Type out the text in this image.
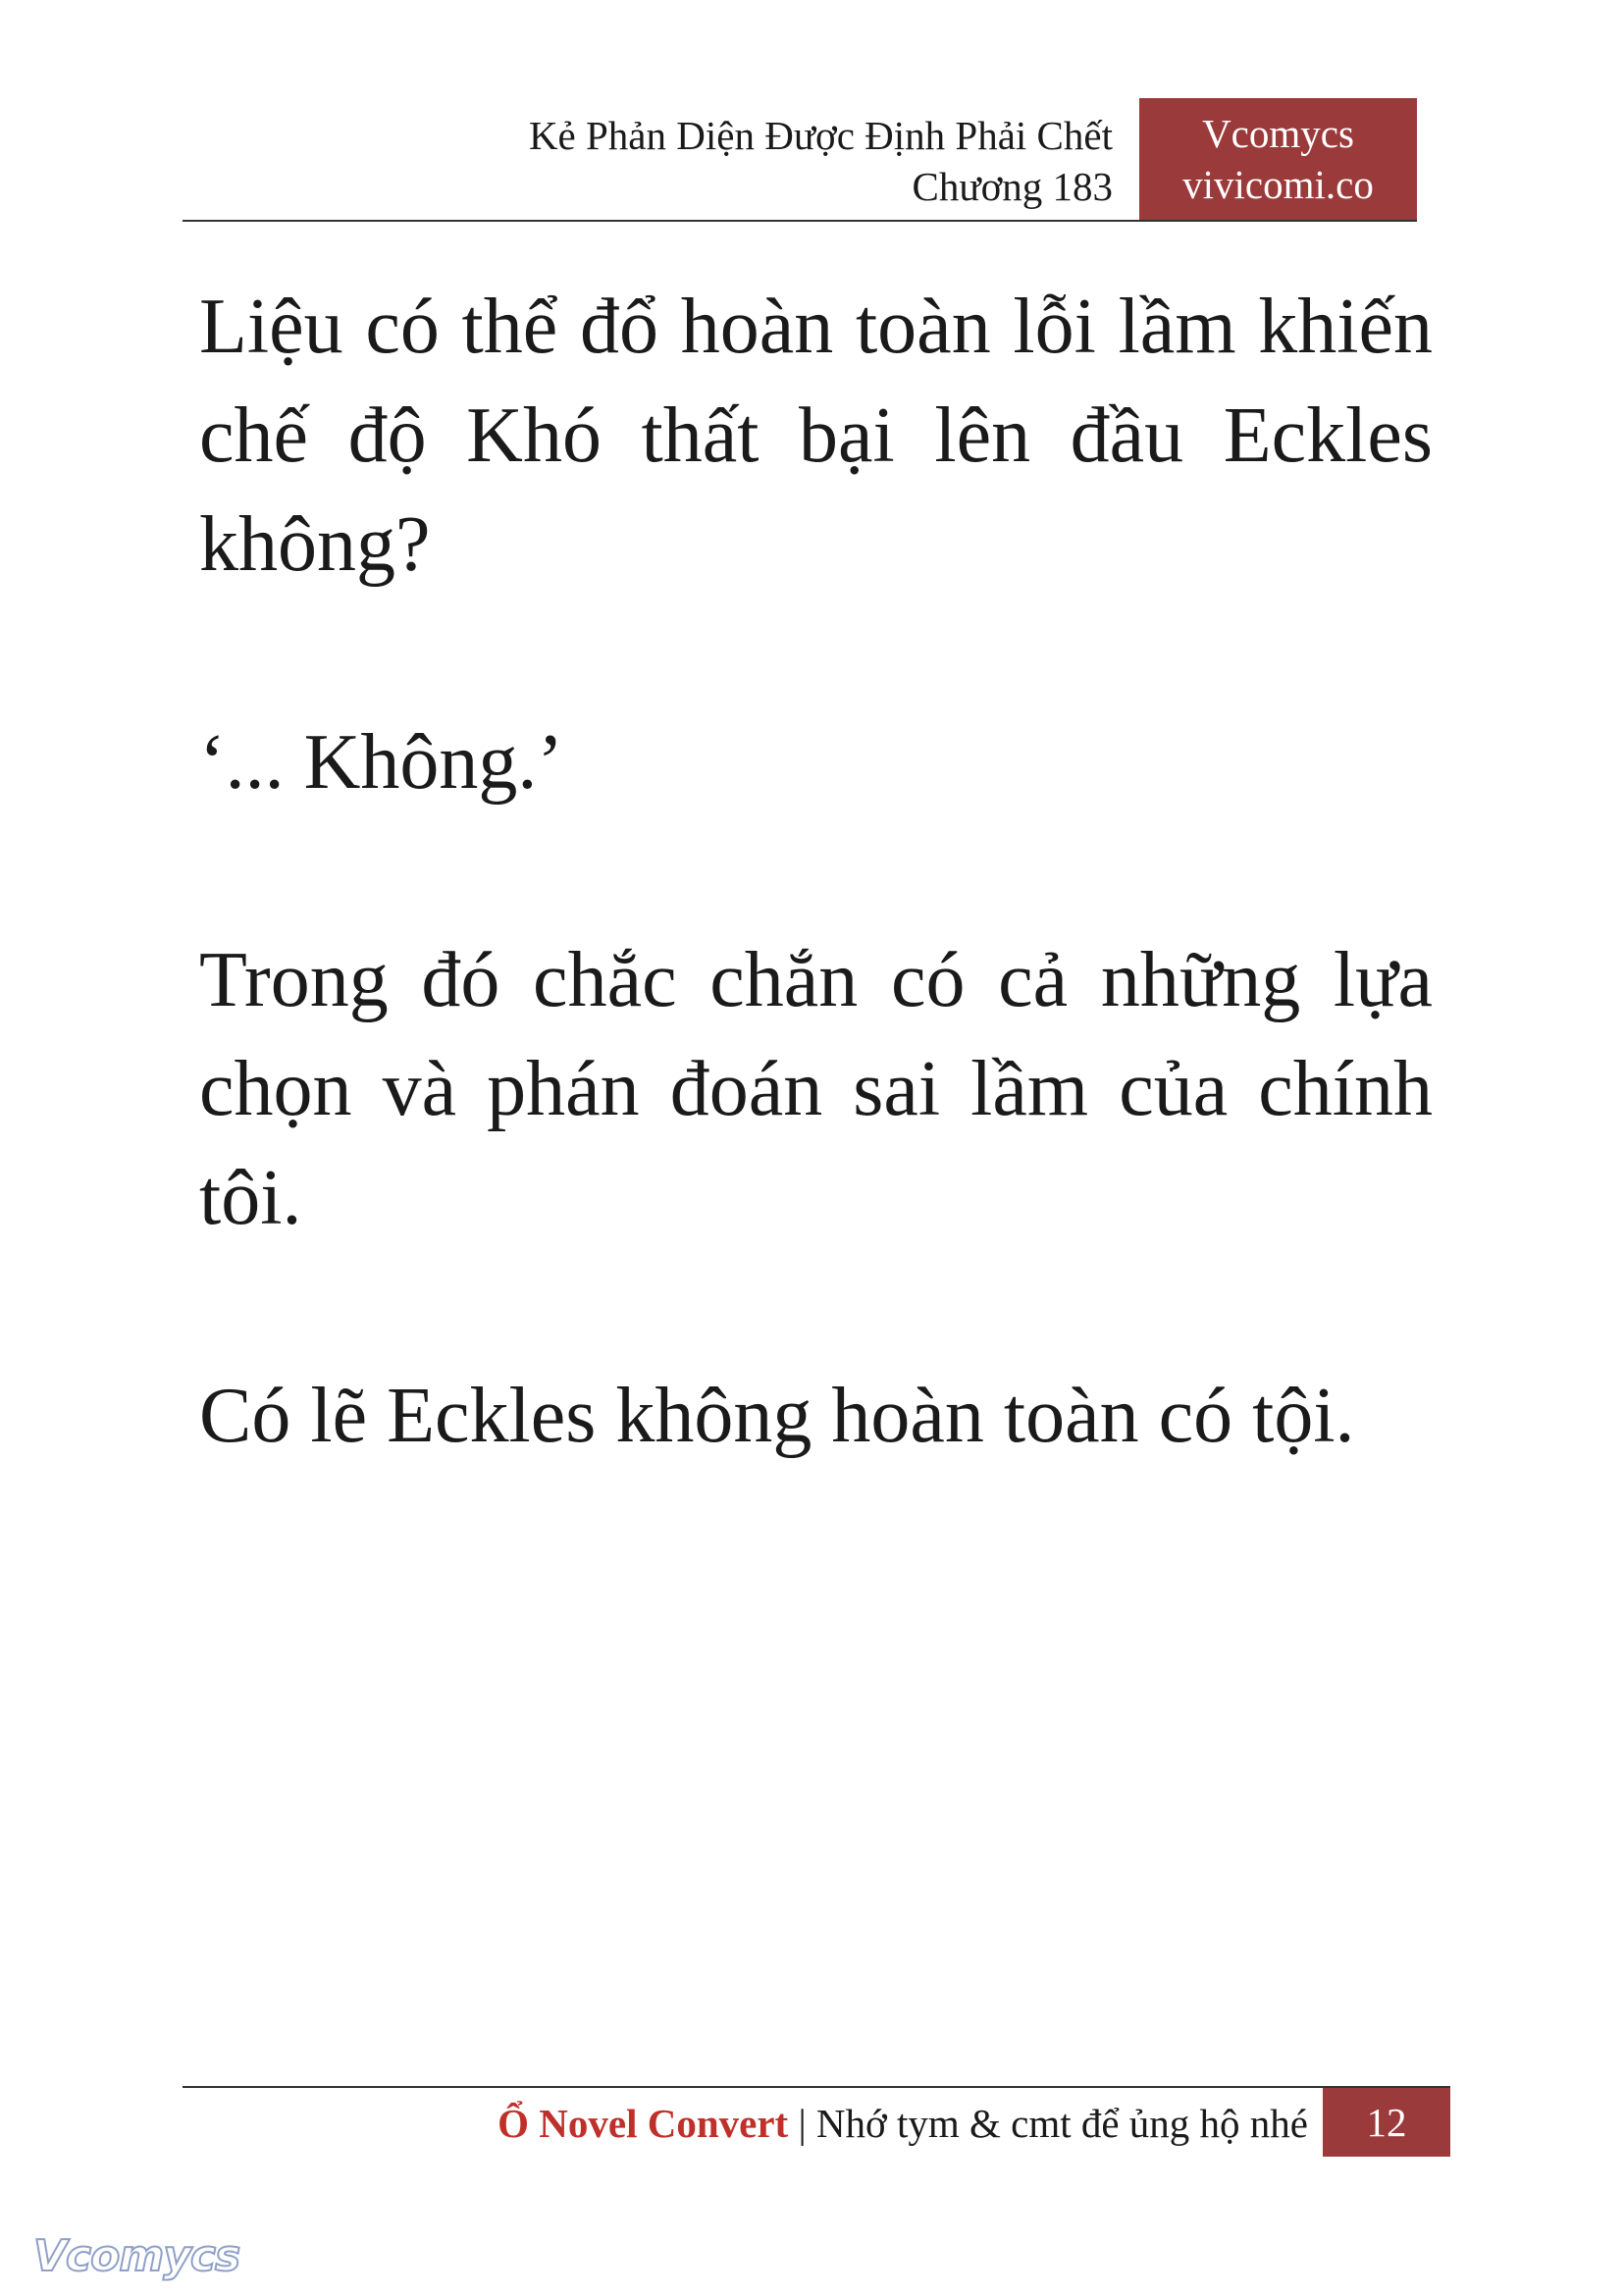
Kẻ Phản Diện Được Định Phải Chết
Chương 183
Vcomycs
vivicomi.co

Liệu có thể đổ hoàn toàn lỗi lầm khiến chế độ Khó thất bại lên đầu Eckles không?

‘... Không.’

Trong đó chắc chắn có cả những lựa chọn và phán đoán sai lầm của chính tôi.

Có lẽ Eckles không hoàn toàn có tội.

Ổ Novel Convert | Nhớ tym & cmt để ủng hộ nhé	12
Vcomycs
